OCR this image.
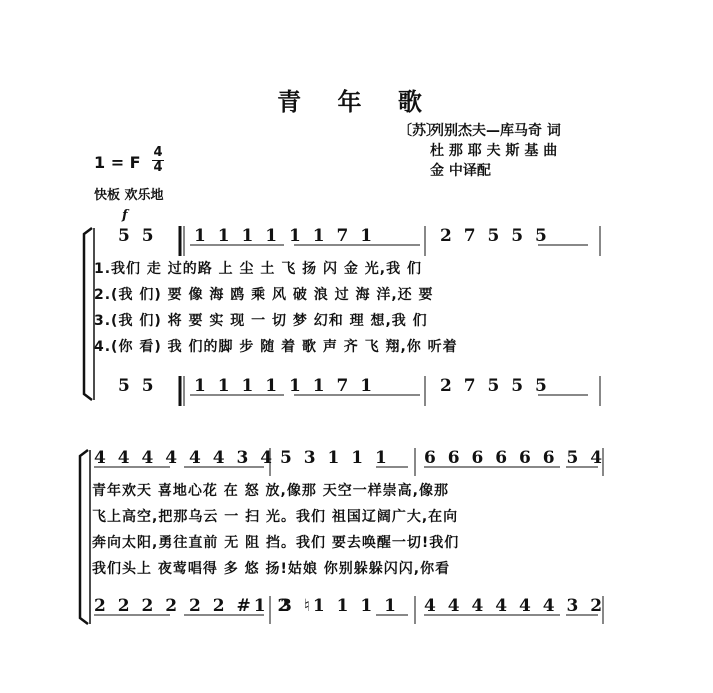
青 年 歌
〔苏〕
列别杰夫—库马奇 词
杜 那 耶 夫 斯 基 曲
金 中译配
1 = F
4
4
快板 欢乐地
f
5 5 1 1 1 1 1 1 7 1	2 7 5 5 5
1.我们 走 过的路 上 尘 土 飞 扬 闪 金 光,我 们
2.(我 们) 要 像 海 鸥 乘 风 破 浪 过 海 洋,还 要
3.(我 们) 将 要 实 现 一 切 梦 幻和 理 想,我 们
4.(你 看) 我 们的脚 步 随 着 歌 声 齐 飞 翔,你 听着
5 5 1 1 1 1 1 1 7 1	2 7 5 5 5
4 4 4 4 4 4 3 4 5 3 1 1 1 6 6 6 6 6 6 5 4
青年欢天 喜地心花 在 怒 放,像那 天空一样崇高,像那
飞上高空,把那乌云 一 扫 光。我们 祖国辽阔广大,在向
奔向太阳,勇往直前 无 阻 挡。我们 要去唤醒一切!我们
我们头上 夜莺唱得 多 悠 扬!姑娘 你别躲躲闪闪,你看
2 2 2 2 2 2 #1 2
3 ♮1 1 1 1 4 4 4 4 4 4 3 2
